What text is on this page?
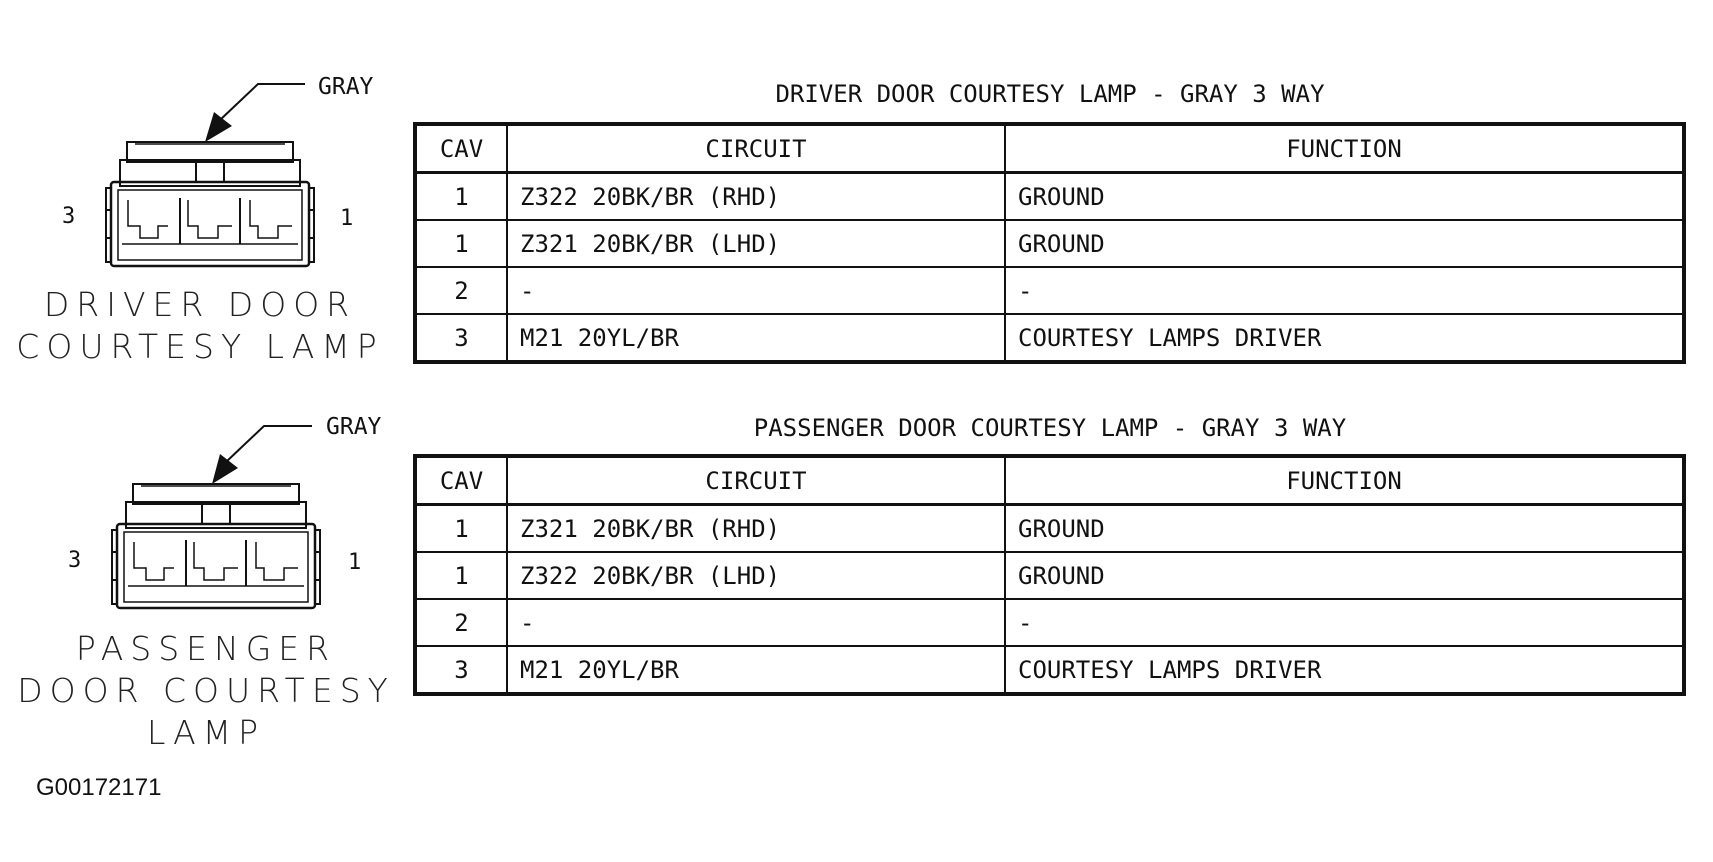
GRAY
3	1
DRIVER DOOR
COURTESY LAMP
DRIVER DOOR COURTESY LAMP - GRAY 3 WAY
CAV	CIRCUIT	FUNCTION
1	Z322 20BK/BR (RHD)	GROUND
1	Z321 20BK/BR (LHD)	GROUND
2	-	-
3	M21 20YL/BR	COURTESY LAMPS DRIVER
GRAY
3	1
PASSENGER
DOOR COURTESY
LAMP
PASSENGER DOOR COURTESY LAMP - GRAY 3 WAY
CAV	CIRCUIT	FUNCTION
1	Z321 20BK/BR (RHD)	GROUND
1	Z322 20BK/BR (LHD)	GROUND
2	-	-
3	M21 20YL/BR	COURTESY LAMPS DRIVER
G00172171
